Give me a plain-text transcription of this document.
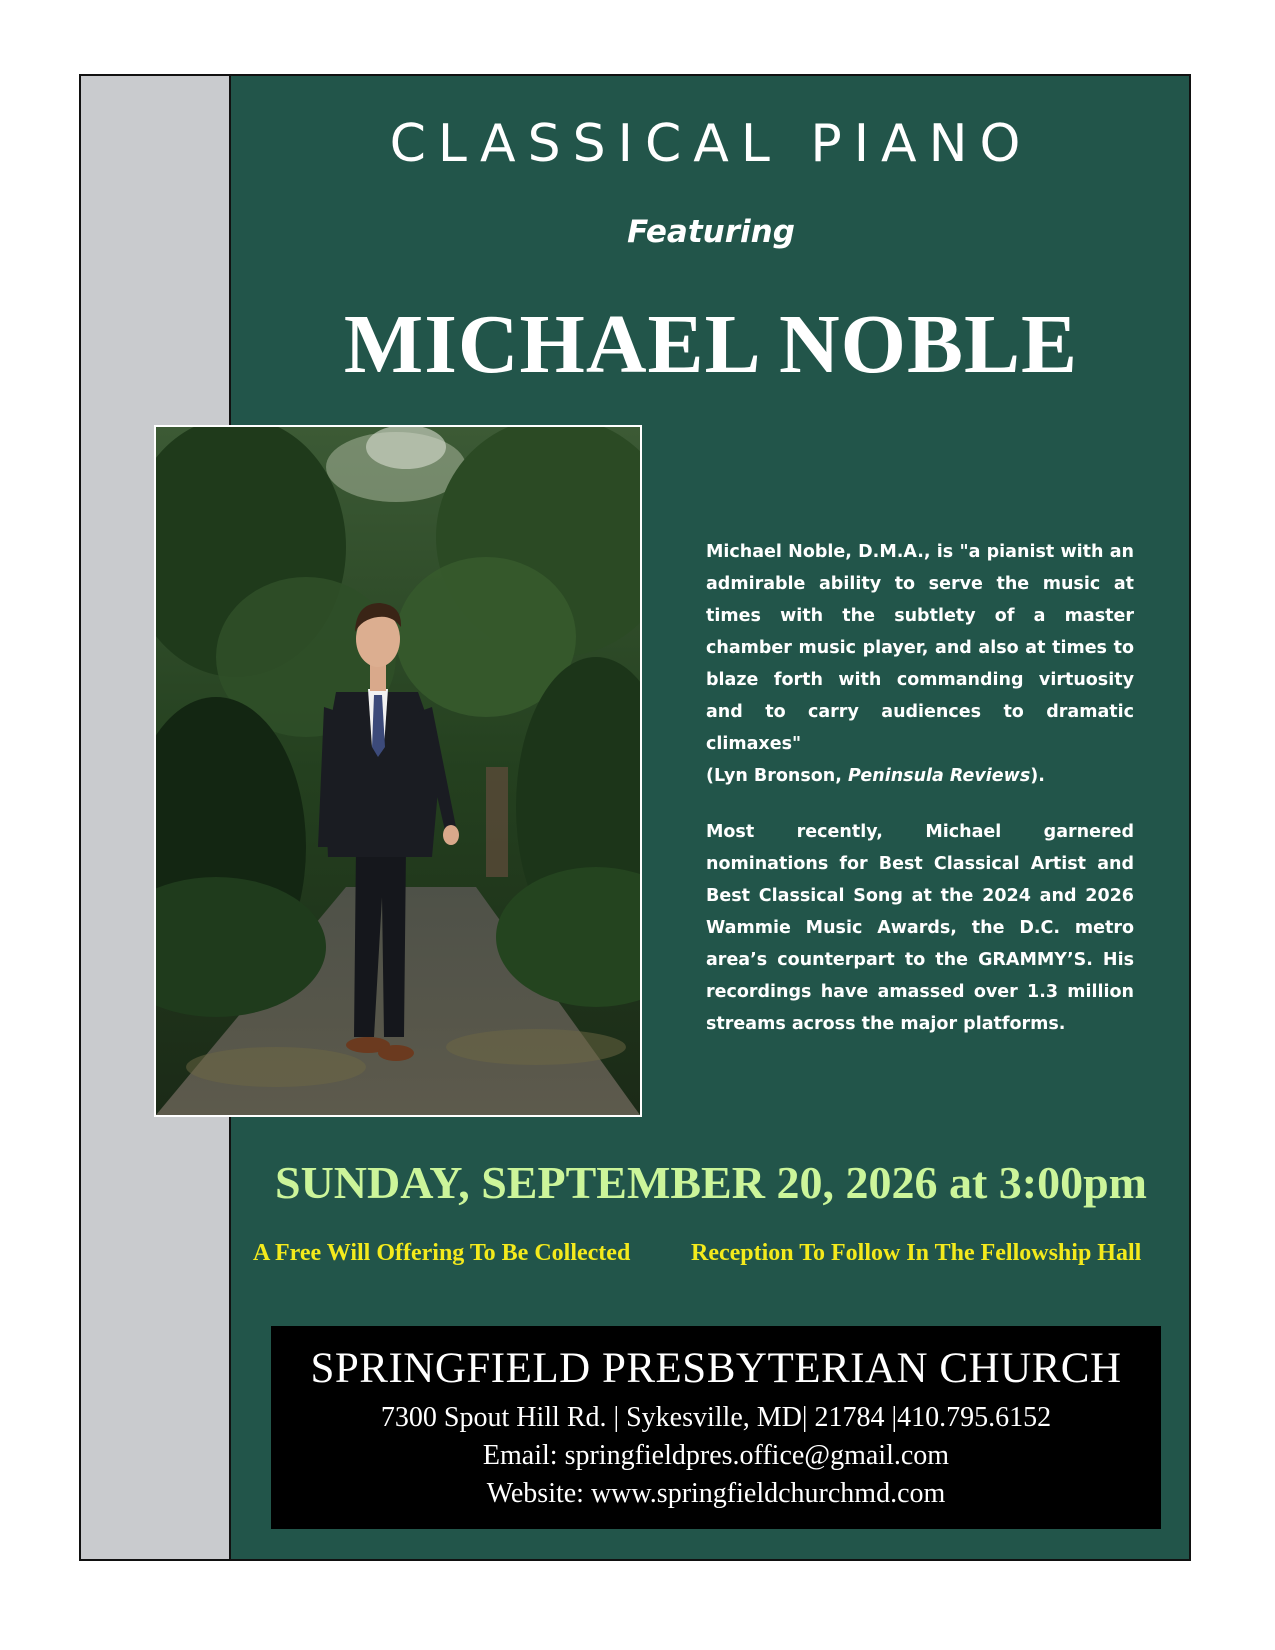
CLASSICAL PIANO
Featuring
MICHAEL NOBLE

Michael Noble, D.M.A., is "a pianist with an admirable ability to serve the music at times with the subtlety of a master chamber music player, and also at times to blaze forth with commanding virtuosity and to carry audiences to dramatic climaxes"
(Lyn Bronson, Peninsula Reviews).

Most recently, Michael garnered nominations for Best Classical Artist and Best Classical Song at the 2024 and 2026 Wammie Music Awards, the D.C. metro area’s counterpart to the GRAMMY’S. His recordings have amassed over 1.3 million streams across the major platforms.

SUNDAY, SEPTEMBER 20, 2026 at 3:00pm
A Free Will Offering To Be Collected	Reception To Follow In The Fellowship Hall
SPRINGFIELD PRESBYTERIAN CHURCH
7300 Spout Hill Rd. | Sykesville, MD| 21784 |410.795.6152
Email: springfieldpres.office@gmail.com
Website: www.springfieldchurchmd.com
